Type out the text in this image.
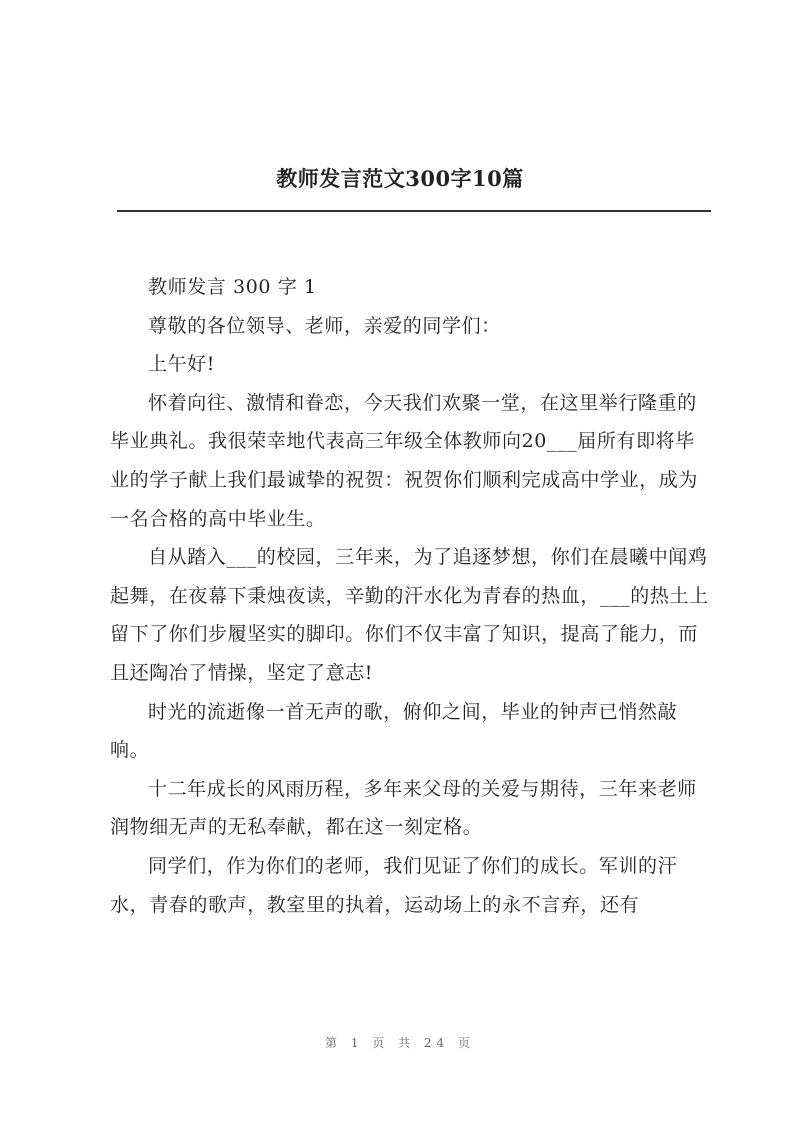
教师发言范文300字10篇

教师发言 300 字 1

尊敬的各位领导、老师，亲爱的同学们：

上午好!

怀着向往、激情和眷恋，今天我们欢聚一堂，在这里举行隆重的毕业典礼。我很荣幸地代表高三年级全体教师向20___届所有即将毕业的学子献上我们最诚挚的祝贺：祝贺你们顺利完成高中学业，成为一名合格的高中毕业生。

自从踏入___的校园，三年来，为了追逐梦想，你们在晨曦中闻鸡起舞，在夜幕下秉烛夜读，辛勤的汗水化为青春的热血，___的热土上留下了你们步履坚实的脚印。你们不仅丰富了知识，提高了能力，而且还陶冶了情操，坚定了意志!

时光的流逝像一首无声的歌，俯仰之间，毕业的钟声已悄然敲响。

十二年成长的风雨历程，多年来父母的关爱与期待，三年来老师润物细无声的无私奉献，都在这一刻定格。

同学们，作为你们的老师，我们见证了你们的成长。军训的汗水，青春的歌声，教室里的执着，运动场上的永不言弃，还有

第 1 页 共 24 页
